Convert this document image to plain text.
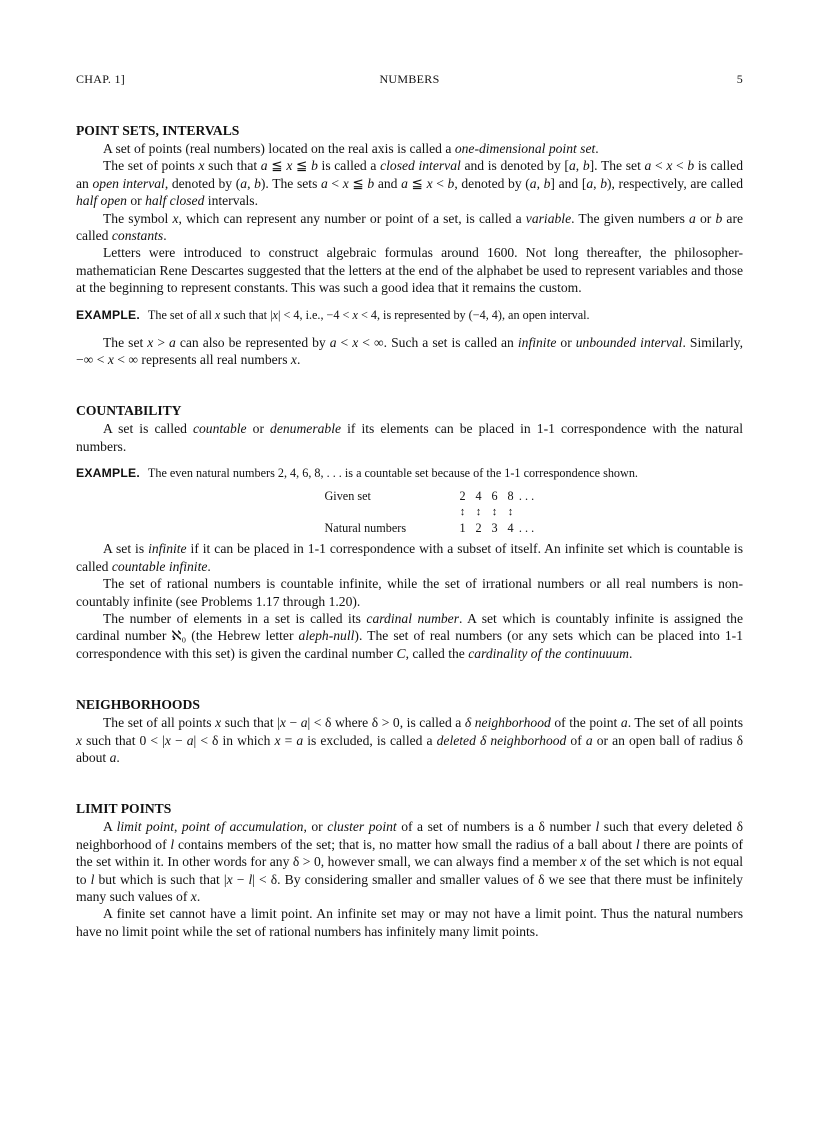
CHAP. 1]	NUMBERS	5
POINT SETS, INTERVALS

A set of points (real numbers) located on the real axis is called a one-dimensional point set.

The set of points x such that a ≦ x ≦ b is called a closed interval and is denoted by [a, b]. The set a < x < b is called an open interval, denoted by (a, b). The sets a < x ≦ b and a ≦ x < b, denoted by (a, b] and [a, b), respectively, are called half open or half closed intervals.

The symbol x, which can represent any number or point of a set, is called a variable. The given numbers a or b are called constants.

Letters were introduced to construct algebraic formulas around 1600. Not long thereafter, the philosopher-mathematician Rene Descartes suggested that the letters at the end of the alphabet be used to represent variables and those at the beginning to represent constants. This was such a good idea that it remains the custom.

EXAMPLE. The set of all x such that |x| < 4, i.e., −4 < x < 4, is represented by (−4, 4), an open interval.

The set x > a can also be represented by a < x < ∞. Such a set is called an infinite or unbounded interval. Similarly, −∞ < x < ∞ represents all real numbers x.

COUNTABILITY

A set is called countable or denumerable if its elements can be placed in 1-1 correspondence with the natural numbers.

EXAMPLE. The even natural numbers 2, 4, 6, 8, . . . is a countable set because of the 1-1 correspondence shown.

Given set	2 4 6 8 . . .
↕ ↕ ↕ ↕
Natural numbers	1 2 3 4 . . .

A set is infinite if it can be placed in 1-1 correspondence with a subset of itself. An infinite set which is countable is called countable infinite.

The set of rational numbers is countable infinite, while the set of irrational numbers or all real numbers is non-countably infinite (see Problems 1.17 through 1.20).

The number of elements in a set is called its cardinal number. A set which is countably infinite is assigned the cardinal number ℵ₀ (the Hebrew letter aleph-null). The set of real numbers (or any sets which can be placed into 1-1 correspondence with this set) is given the cardinal number C, called the cardinality of the continuuum.

NEIGHBORHOODS

The set of all points x such that |x − a| < δ where δ > 0, is called a δ neighborhood of the point a. The set of all points x such that 0 < |x − a| < δ in which x = a is excluded, is called a deleted δ neighborhood of a or an open ball of radius δ about a.

LIMIT POINTS

A limit point, point of accumulation, or cluster point of a set of numbers is a δ number l such that every deleted δ neighborhood of l contains members of the set; that is, no matter how small the radius of a ball about l there are points of the set within it. In other words for any δ > 0, however small, we can always find a member x of the set which is not equal to l but which is such that |x − l| < δ. By considering smaller and smaller values of δ we see that there must be infinitely many such values of x.

A finite set cannot have a limit point. An infinite set may or may not have a limit point. Thus the natural numbers have no limit point while the set of rational numbers has infinitely many limit points.
